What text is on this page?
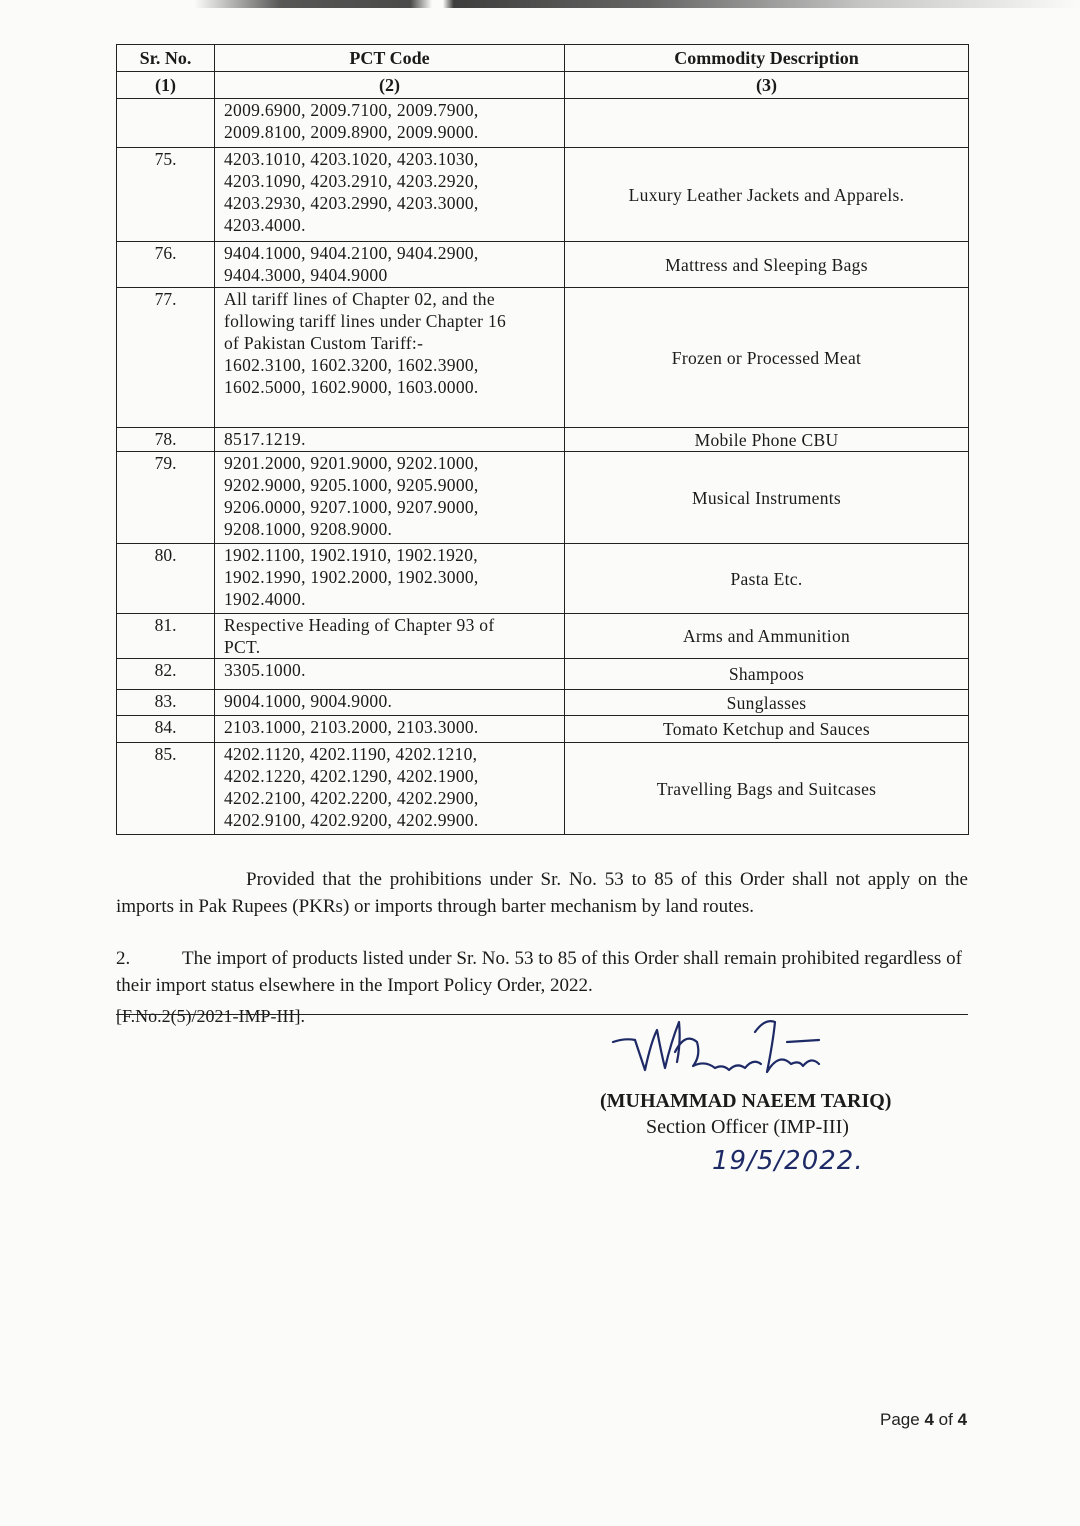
Sr. No.	PCT Code	Commodity Description
(1)	(2)	(3)

	2009.6900, 2009.7100, 2009.7900,
2009.8100, 2009.8900, 2009.9000.	

75.	4203.1010, 4203.1020, 4203.1030,
4203.1090, 4203.2910, 4203.2920,
4203.2930, 4203.2990, 4203.3000,
4203.4000.	Luxury Leather Jackets and Apparels.
76.	9404.1000, 9404.2100, 9404.2900,
9404.3000, 9404.9000	Mattress and Sleeping Bags
77.	All tariff lines of Chapter 02, and the
following tariff lines under Chapter 16
of Pakistan Custom Tariff:-
1602.3100, 1602.3200, 1602.3900,
1602.5000, 1602.9000, 1603.0000.	Frozen or Processed Meat
78.	8517.1219.	Mobile Phone CBU
79.	9201.2000, 9201.9000, 9202.1000,
9202.9000, 9205.1000, 9205.9000,
9206.0000, 9207.1000, 9207.9000,
9208.1000, 9208.9000.	Musical Instruments
80.	1902.1100, 1902.1910, 1902.1920,
1902.1990, 1902.2000, 1902.3000,
1902.4000.	Pasta Etc.
81.	Respective Heading of Chapter 93 of
PCT.	Arms and Ammunition
82.	3305.1000.	Shampoos
83.	9004.1000, 9004.9000.	Sunglasses
84.	2103.1000, 2103.2000, 2103.3000.	Tomato Ketchup and Sauces
85.	4202.1120, 4202.1190, 4202.1210,
4202.1220, 4202.1290, 4202.1900,
4202.2100, 4202.2200, 4202.2900,
4202.9100, 4202.9200, 4202.9900.	Travelling Bags and Suitcases
Provided that the prohibitions under Sr. No. 53 to 85 of this Order shall not apply on the imports in Pak Rupees (PKRs) or imports through barter mechanism by land routes.
2.	The import of products listed under Sr. No. 53 to 85 of this Order shall remain prohibited regardless of their import status elsewhere in the Import Policy Order, 2022.
[F.No.2(5)/2021-IMP-III].
(MUHAMMAD NAEEM TARIQ)
Section Officer (IMP-III)
19/5/2022.
Page 4 of 4
